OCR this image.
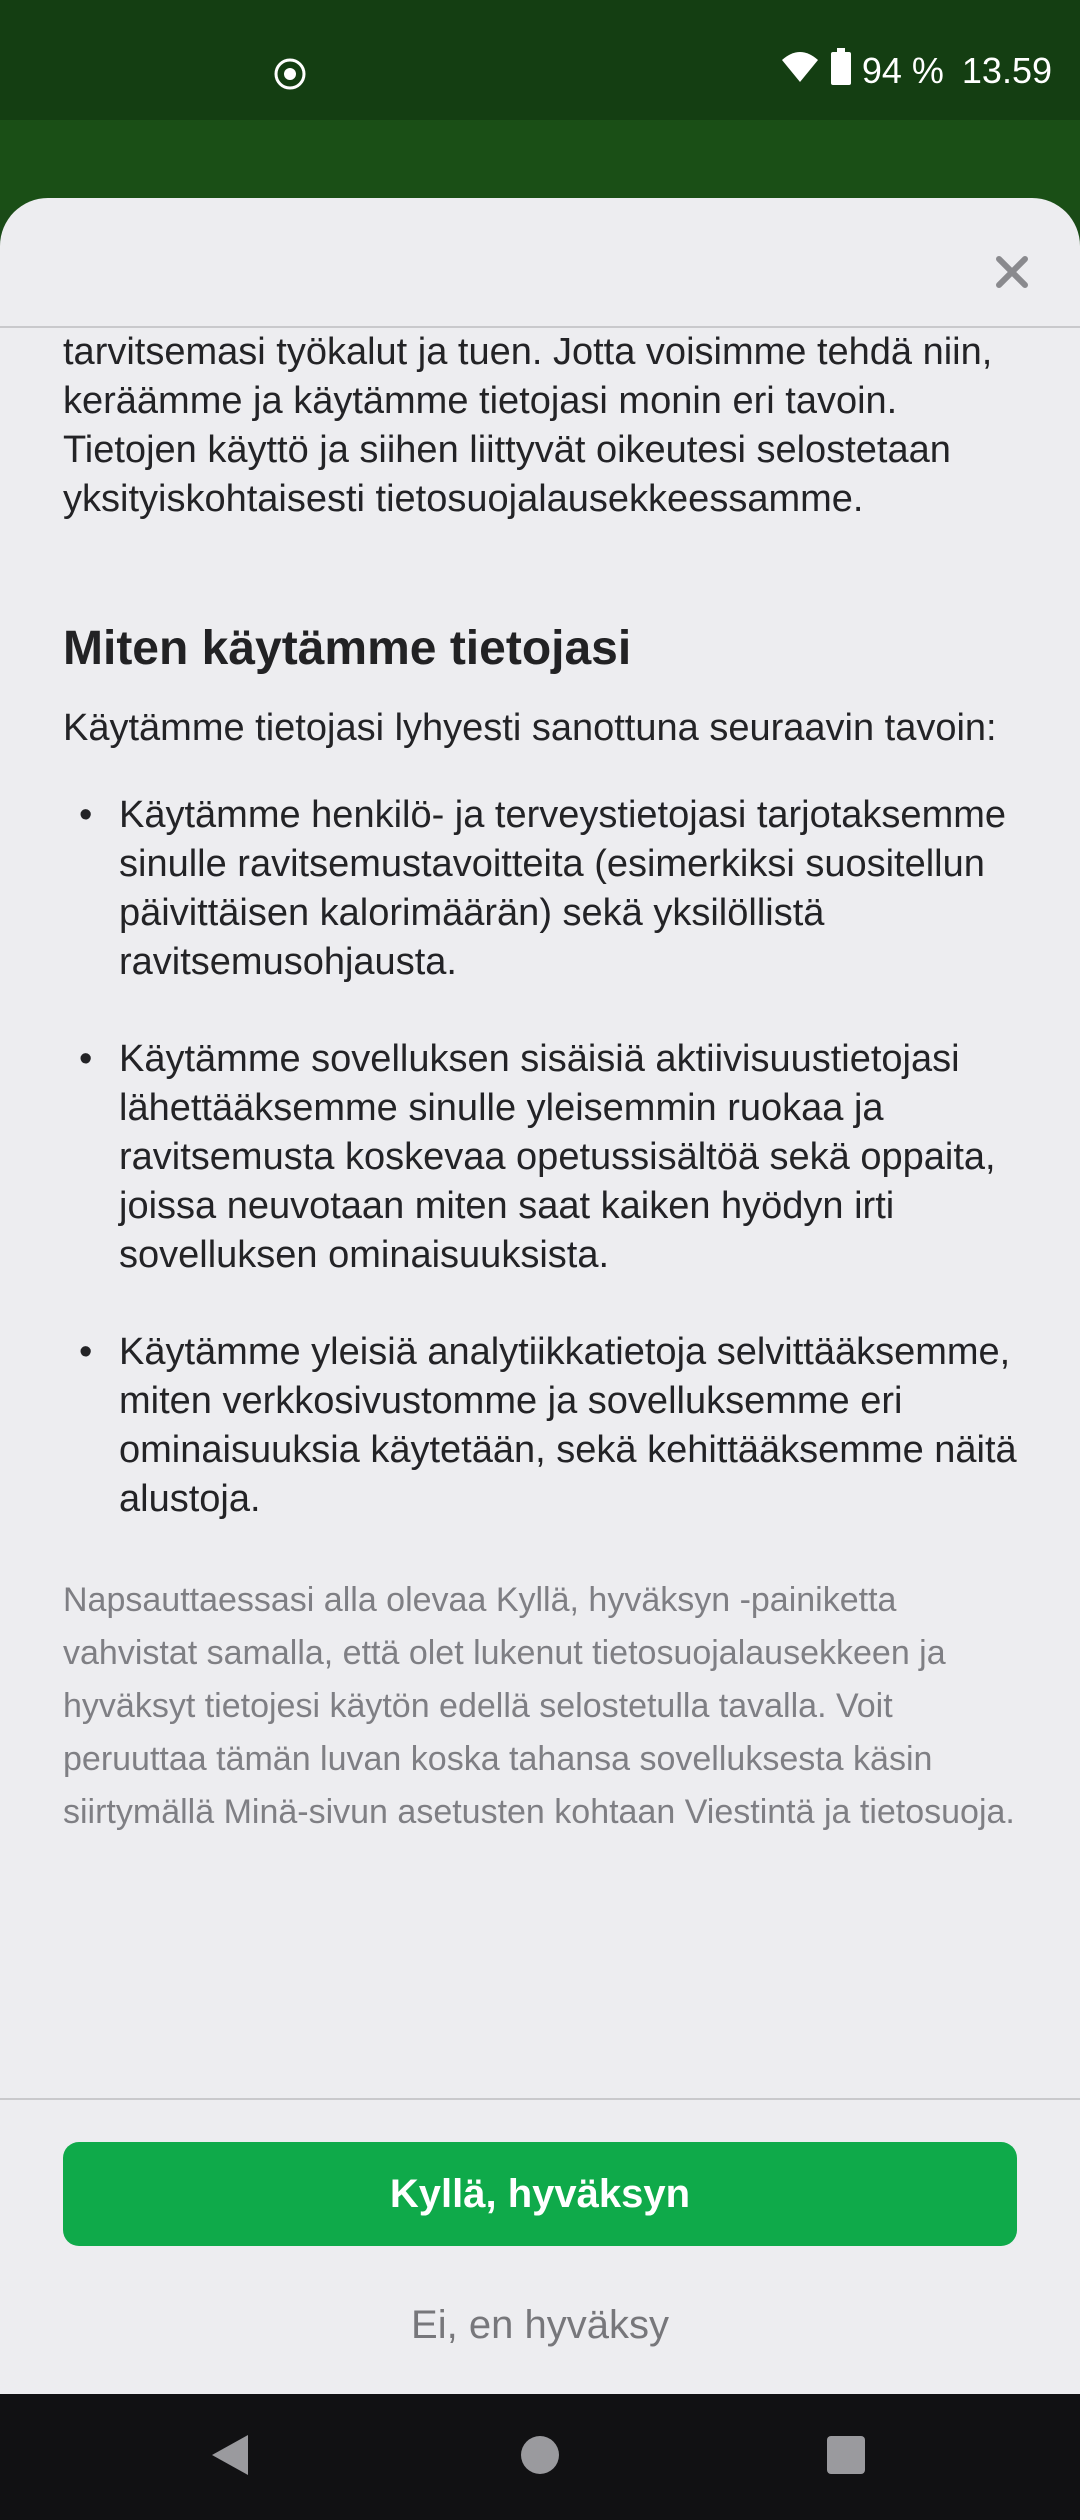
94 % 13.59

tarvitsemasi työkalut ja tuen. Jotta voisimme tehdä niin, keräämme ja käytämme tietojasi monin eri tavoin. Tietojen käyttö ja siihen liittyvät oikeutesi selostetaan yksityiskohtaisesti tietosuojalausekkeessamme.

Miten käytämme tietojasi

Käytämme tietojasi lyhyesti sanottuna seuraavin tavoin:

• Käytämme henkilö- ja terveystietojasi tarjotaksemme sinulle ravitsemustavoitteita (esimerkiksi suositellun päivittäisen kalorimäärän) sekä yksilöllistä ravitsemusohjausta.
• Käytämme sovelluksen sisäisiä aktiivisuustietojasi lähettääksemme sinulle yleisemmin ruokaa ja ravitsemusta koskevaa opetussisältöä sekä oppaita, joissa neuvotaan miten saat kaiken hyödyn irti sovelluksen ominaisuuksista.
• Käytämme yleisiä analytiikkatietoja selvittääksemme, miten verkkosivustomme ja sovelluksemme eri ominaisuuksia käytetään, sekä kehittääksemme näitä alustoja.

Napsauttaessasi alla olevaa Kyllä, hyväksyn -painiketta vahvistat samalla, että olet lukenut tietosuojalausekkeen ja hyväksyt tietojesi käytön edellä selostetulla tavalla. Voit peruuttaa tämän luvan koska tahansa sovelluksesta käsin siirtymällä Minä-sivun asetusten kohtaan Viestintä ja tietosuoja.

Kyllä, hyväksyn
Ei, en hyväksy
